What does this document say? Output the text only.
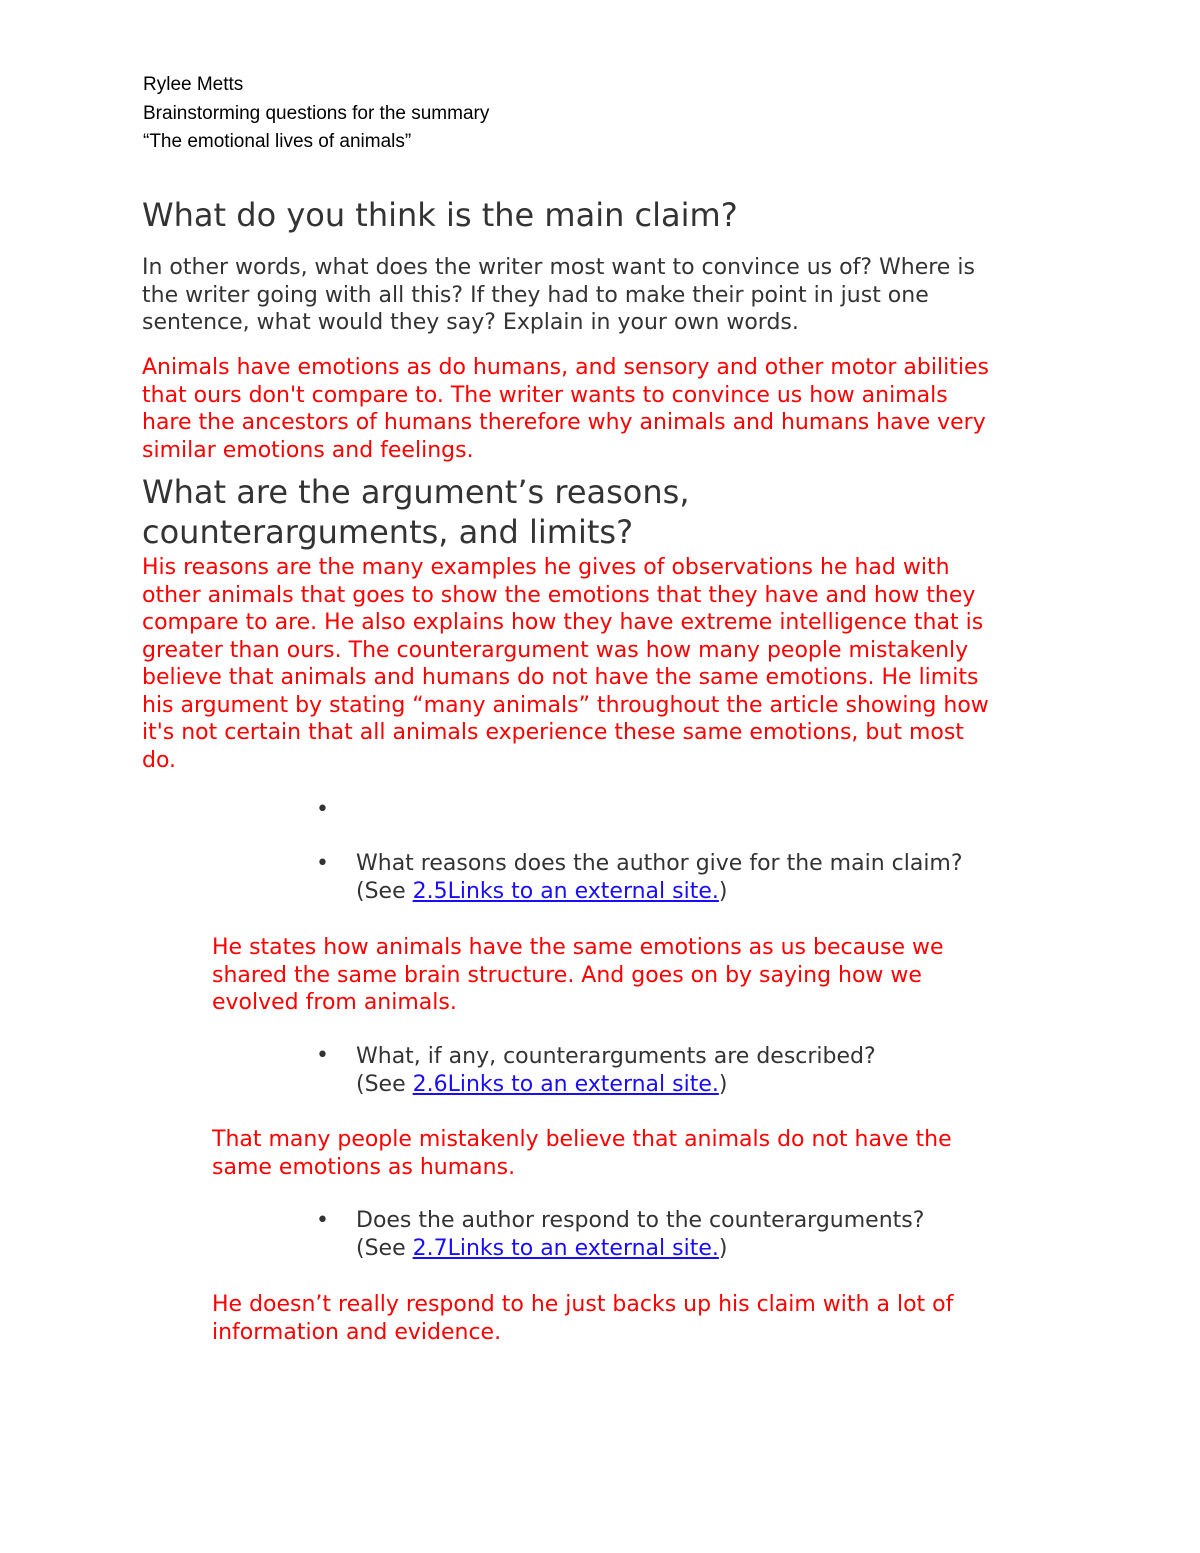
Rylee Metts
Brainstorming questions for the summary
“The emotional lives of animals”
What do you think is the main claim?
In other words, what does the writer most want to convince us of? Where is
the writer going with all this? If they had to make their point in just one
sentence, what would they say? Explain in your own words.
Animals have emotions as do humans, and sensory and other motor abilities
that ours don't compare to. The writer wants to convince us how animals
hare the ancestors of humans therefore why animals and humans have very
similar emotions and feelings.
What are the argument’s reasons,
counterarguments, and limits?
His reasons are the many examples he gives of observations he had with
other animals that goes to show the emotions that they have and how they
compare to are. He also explains how they have extreme intelligence that is
greater than ours. The counterargument was how many people mistakenly
believe that animals and humans do not have the same emotions. He limits
his argument by stating “many animals” throughout the article showing how
it's not certain that all animals experience these same emotions, but most
do.
•
• What reasons does the author give for the main claim?
(See 2.5Links to an external site.)
He states how animals have the same emotions as us because we
shared the same brain structure. And goes on by saying how we
evolved from animals.
• What, if any, counterarguments are described?
(See 2.6Links to an external site.)
That many people mistakenly believe that animals do not have the
same emotions as humans.
• Does the author respond to the counterarguments?
(See 2.7Links to an external site.)
He doesn’t really respond to he just backs up his claim with a lot of
information and evidence.
